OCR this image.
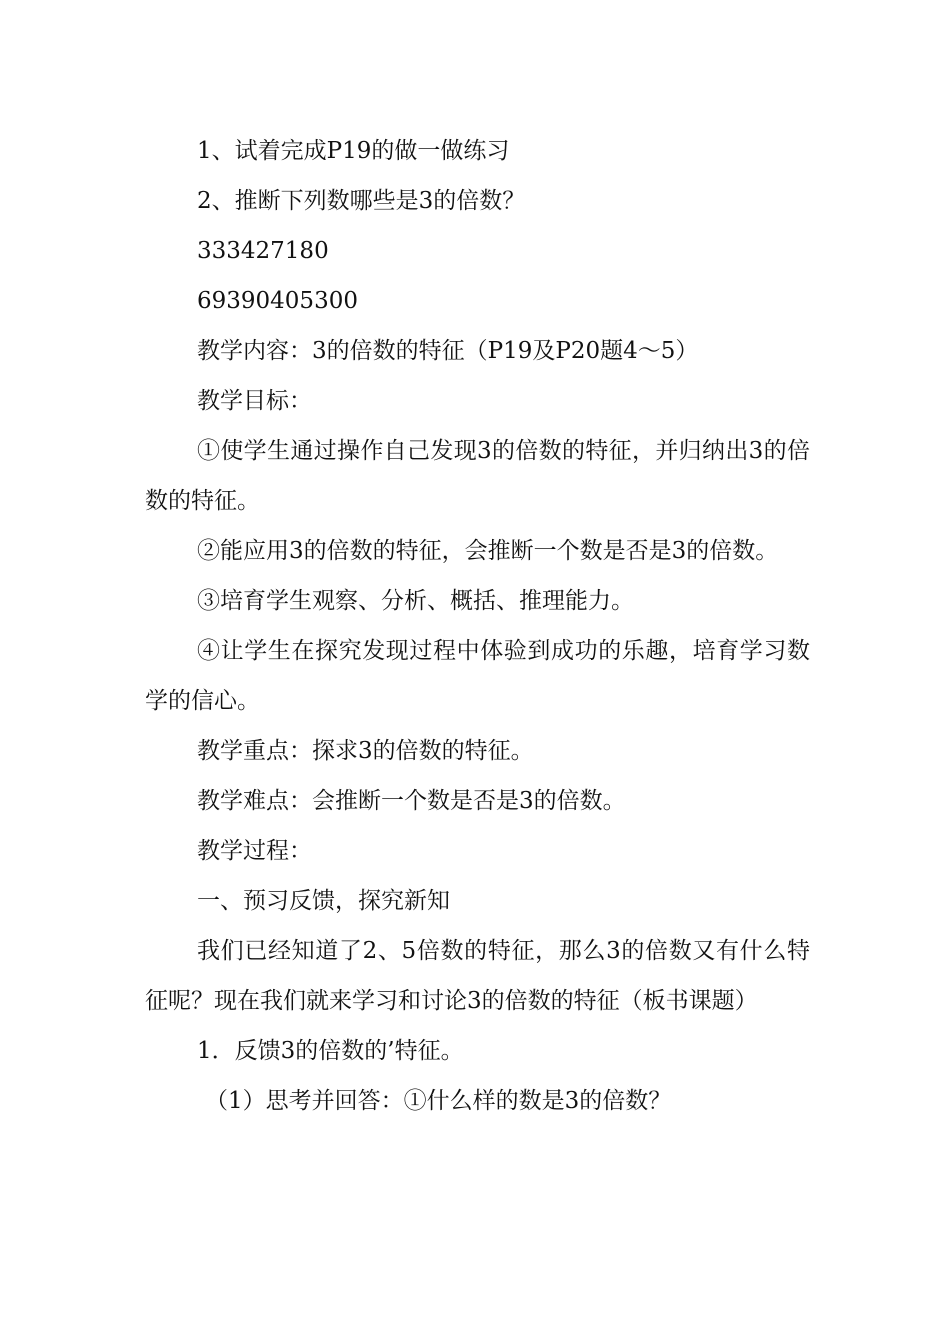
1、试着完成P19的做一做练习

2、推断下列数哪些是3的倍数？

333427180

69390405300

教学内容：3的倍数的特征（P19及P20题4～5）

教学目标：

①使学生通过操作自己发现3的倍数的特征，并归纳出3的倍数的特征。

②能应用3的倍数的特征，会推断一个数是否是3的倍数。

③培育学生观察、分析、概括、推理能力。

④让学生在探究发现过程中体验到成功的乐趣，培育学习数学的信心。

教学重点：探求3的倍数的特征。

教学难点：会推断一个数是否是3的倍数。

教学过程：

一、预习反馈，探究新知

我们已经知道了2、5倍数的特征，那么3的倍数又有什么特征呢？现在我们就来学习和讨论3的倍数的特征（板书课题）

1．反馈3的倍数的’特征。

（1）思考并回答：①什么样的数是3的倍数？
